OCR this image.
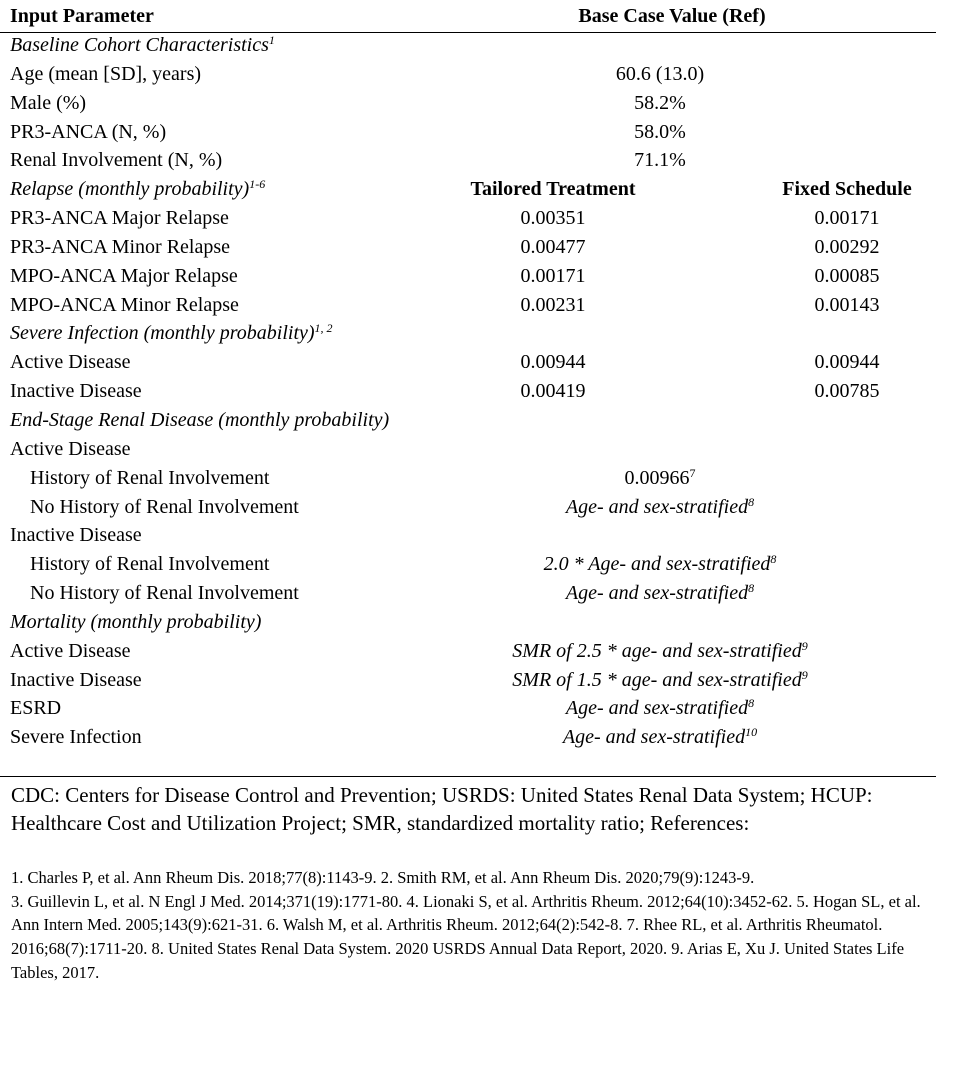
Input Parameter	Base Case Value (Ref)
Baseline Cohort Characteristics$^1$
Age (mean [SD], years)	60.6 (13.0)
Male (%)	58.2%
PR3-ANCA (N, %)	58.0%
Renal Involvement (N, %)	71.1%
Relapse (monthly probability)$^{1-6}$	Tailored Treatment	Fixed Schedule
PR3-ANCA Major Relapse	0.00351	0.00171
PR3-ANCA Minor Relapse	0.00477	0.00292
MPO-ANCA Major Relapse	0.00171	0.00085
MPO-ANCA Minor Relapse	0.00231	0.00143
Severe Infection (monthly probability)$^{1, 2}$
Active Disease	0.00944	0.00944
Inactive Disease	0.00419	0.00785
End-Stage Renal Disease (monthly probability)
Active Disease
History of Renal Involvement	0.00966$^7$
No History of Renal Involvement	Age- and sex-stratified$^8$
Inactive Disease
History of Renal Involvement	2.0 * Age- and sex-stratified$^8$
No History of Renal Involvement	Age- and sex-stratified$^8$
Mortality (monthly probability)
Active Disease	SMR of 2.5 * age- and sex-stratified$^9$
Inactive Disease	SMR of 1.5 * age- and sex-stratified$^9$
ESRD	Age- and sex-stratified$^8$
Severe Infection	Age- and sex-stratified$^{10}$
CDC: Centers for Disease Control and Prevention; USRDS: United States Renal Data System; HCUP: Healthcare Cost and Utilization Project; SMR, standardized mortality ratio; References:
1. Charles P, et al. Ann Rheum Dis. 2018;77(8):1143-9. 2. Smith RM, et al. Ann Rheum Dis. 2020;79(9):1243-9.
3. Guillevin L, et al. N Engl J Med. 2014;371(19):1771-80. 4. Lionaki S, et al. Arthritis Rheum. 2012;64(10):3452-62. 5. Hogan SL, et al. Ann Intern Med. 2005;143(9):621-31. 6. Walsh M, et al. Arthritis Rheum. 2012;64(2):542-8. 7. Rhee RL, et al. Arthritis Rheumatol. 2016;68(7):1711-20. 8. United States Renal Data System. 2020 USRDS Annual Data Report, 2020. 9. Arias E, Xu J. United States Life Tables, 2017.
